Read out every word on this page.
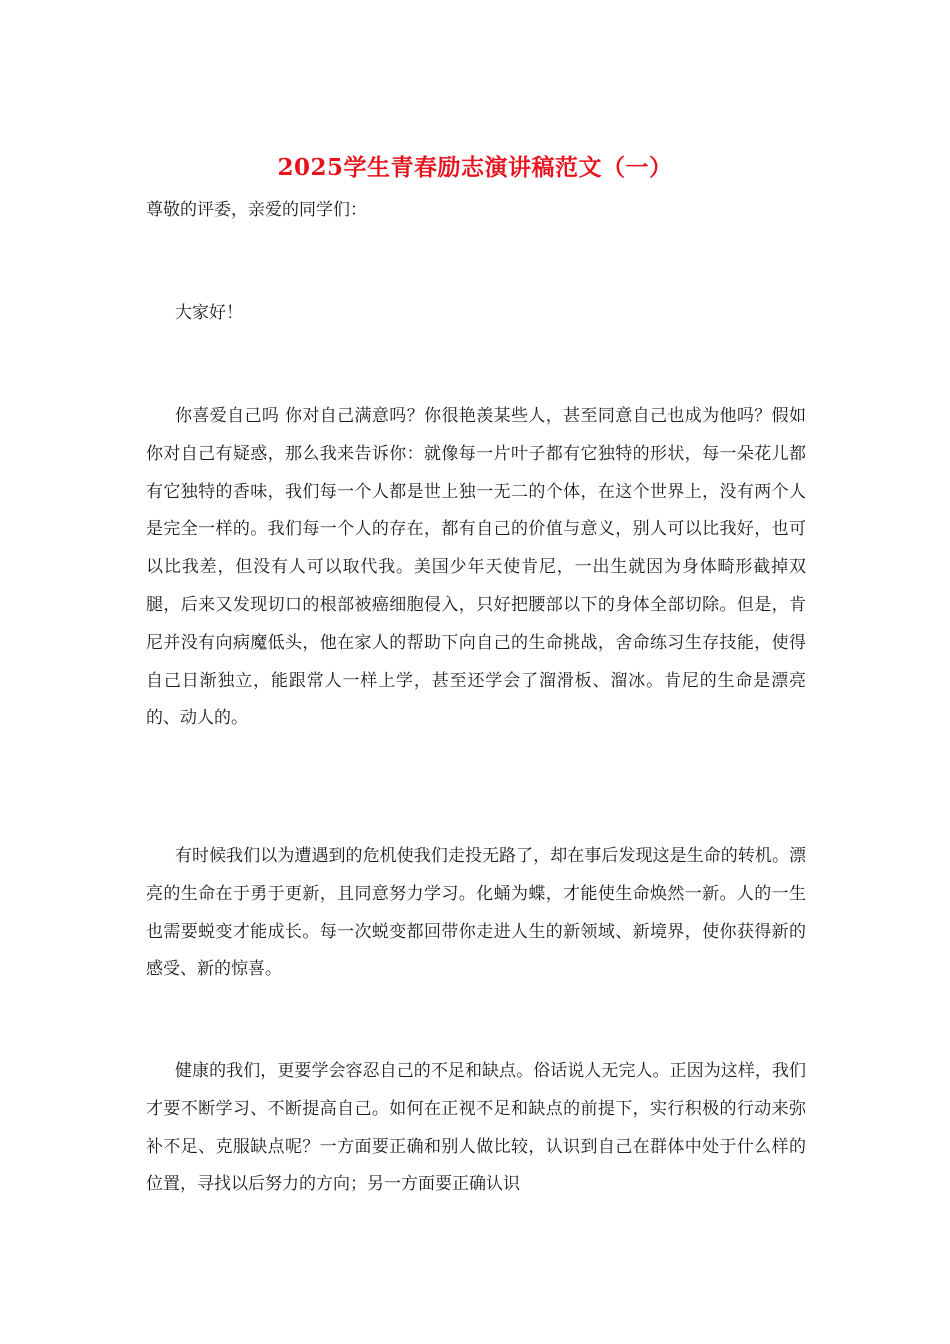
2025学生青春励志演讲稿范文（一）
尊敬的评委，亲爱的同学们：
大家好！

你喜爱自己吗 你对自己满意吗？你很艳羡某些人，甚至同意自己也成为他吗？假如你对自己有疑惑，那么我来告诉你：就像每一片叶子都有它独特的形状，每一朵花儿都有它独特的香味，我们每一个人都是世上独一无二的个体，在这个世界上，没有两个人是完全一样的。我们每一个人的存在，都有自己的价值与意义，别人可以比我好，也可以比我差，但没有人可以取代我。美国少年天使肯尼，一出生就因为身体畸形截掉双腿，后来又发现切口的根部被癌细胞侵入，只好把腰部以下的身体全部切除。但是，肯尼并没有向病魔低头，他在家人的帮助下向自己的生命挑战，舍命练习生存技能，使得自己日渐独立，能跟常人一样上学，甚至还学会了溜滑板、溜冰。肯尼的生命是漂亮的、动人的。

有时候我们以为遭遇到的危机使我们走投无路了，却在事后发现这是生命的转机。漂亮的生命在于勇于更新，且同意努力学习。化蛹为蝶，才能使生命焕然一新。人的一生也需要蜕变才能成长。每一次蜕变都回带你走进人生的新领域、新境界，使你获得新的感受、新的惊喜。

健康的我们，更要学会容忍自己的不足和缺点。俗话说人无完人。正因为这样，我们才要不断学习、不断提高自己。如何在正视不足和缺点的前提下，实行积极的行动来弥补不足、克服缺点呢？一方面要正确和别人做比较，认识到自己在群体中处于什么样的位置，寻找以后努力的方向；另一方面要正确认识
